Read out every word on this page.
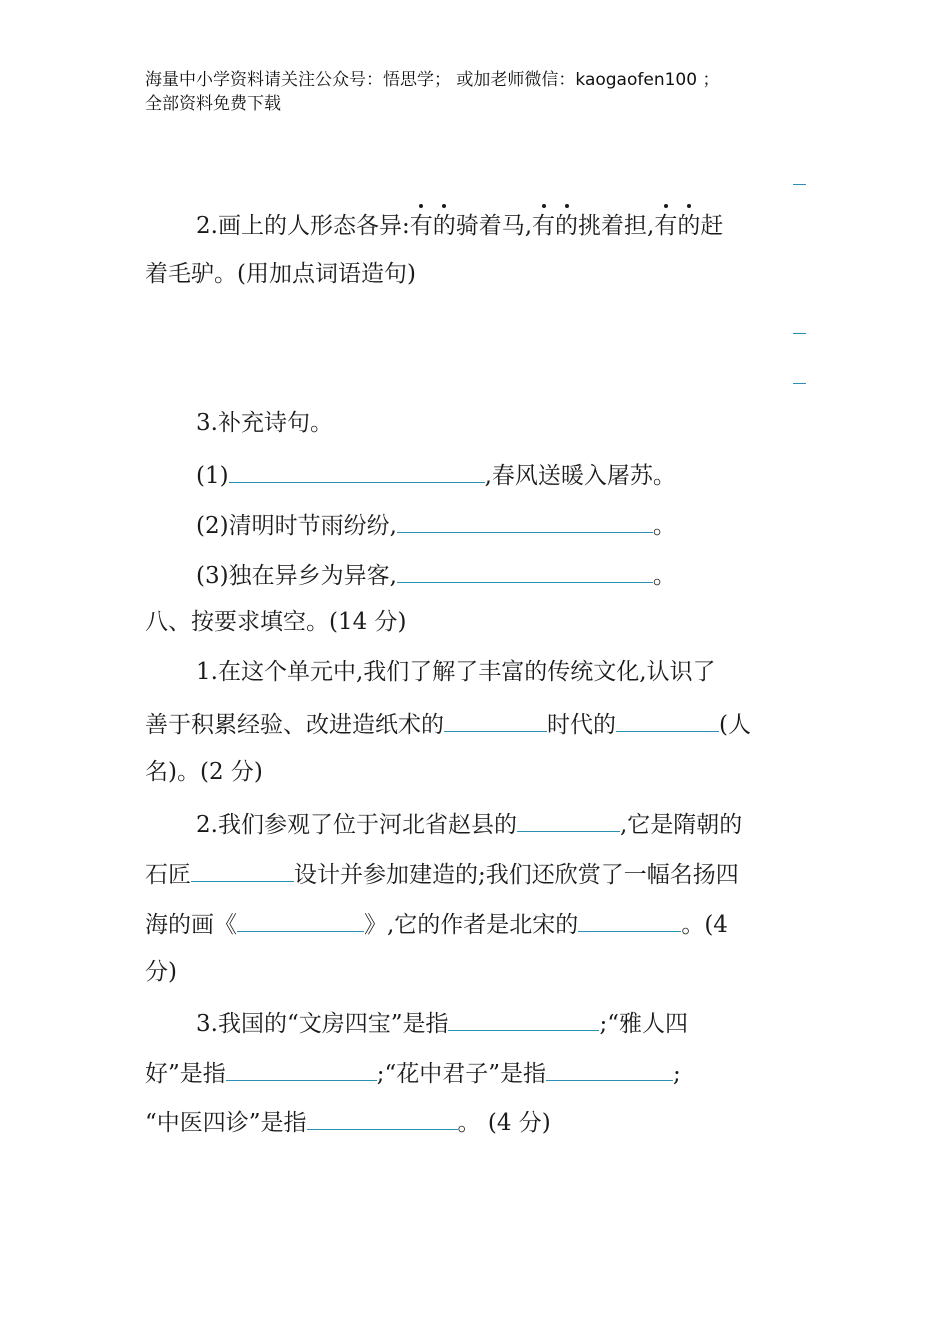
海量中小学资料请关注公众号：悟思学； 或加老师微信：kaogaofen100 ；
全部资料免费下载
2.画上的人形态各异:有的骑着马,有的挑着担,有的赶
着毛驴。(用加点词语造句)
3.补充诗句。
(1)	,春风送暖入屠苏。
(2)清明时节雨纷纷,	。
(3)独在异乡为异客,	。
八、按要求填空。(14 分)
1.在这个单元中,我们了解了丰富的传统文化,认识了
善于积累经验、改进造纸术的	时代的	(人
名)。(2 分)
2.我们参观了位于河北省赵县的	,它是隋朝的
石匠	设计并参加建造的;我们还欣赏了一幅名扬四
海的画《	》,它的作者是北宋的	。(4
分)
3.我国的“文房四宝”是指	;“雅人四
好”是指	;“花中君子”是指	;
“中医四诊”是指	。 (4 分)
